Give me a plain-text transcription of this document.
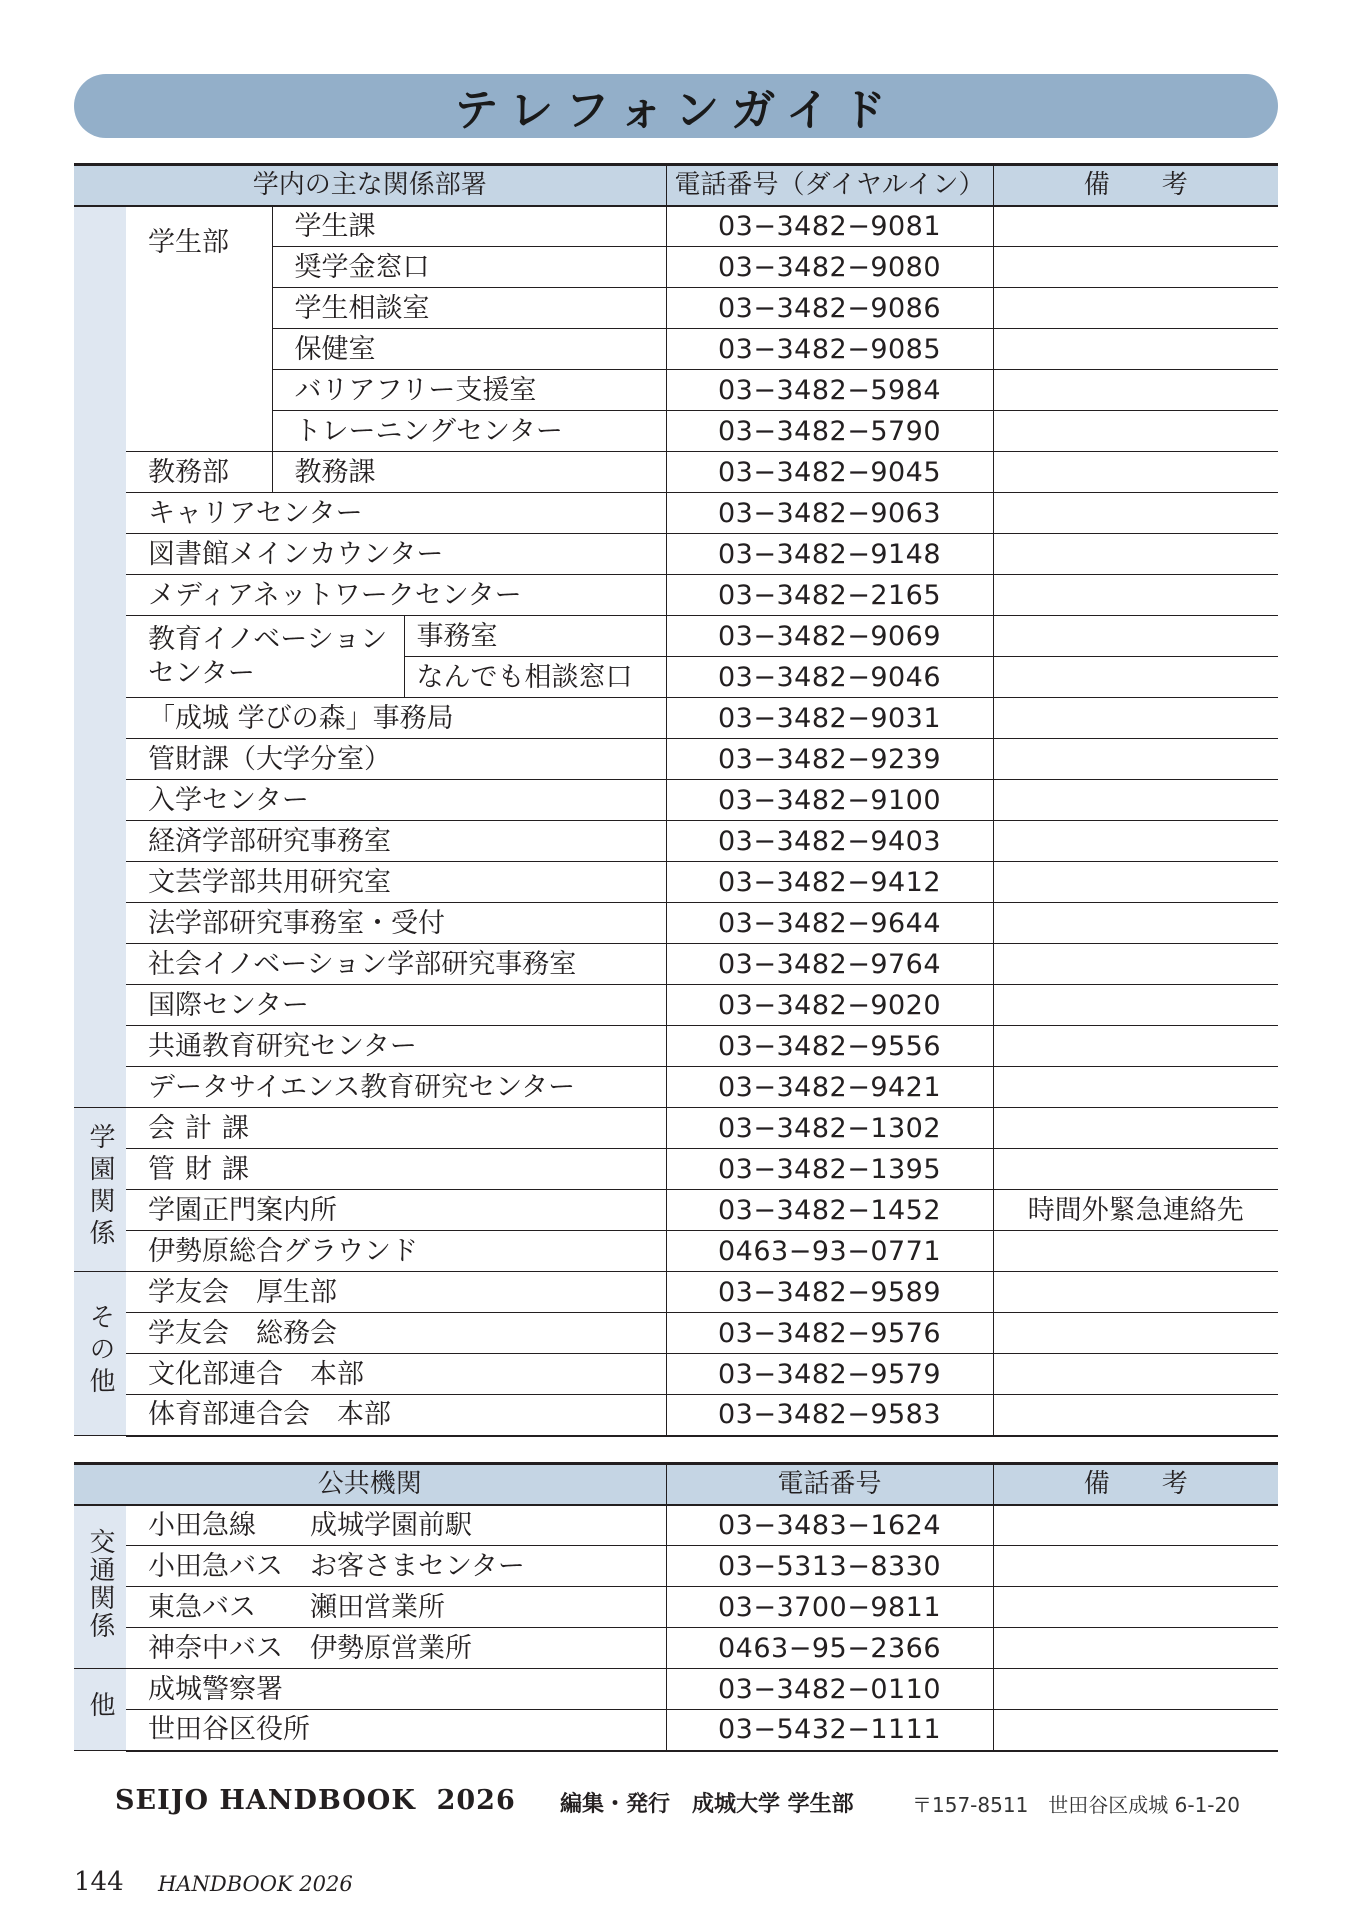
テレフォンガイド
学内の主な関係部署				電話番号（ダイヤルイン）	備　　考
	学生部	学生課		03−3482−9081	
		奨学金窓口		03−3482−9080	
		学生相談室		03−3482−9086	
		保健室		03−3482−9085	
		バリアフリー支援室		03−3482−5984	
		トレーニングセンター		03−3482−5790	
	教務部	教務課		03−3482−9045	
	キャリアセンター			03−3482−9063	
	図書館メインカウンター			03−3482−9148	
	メディアネットワークセンター			03−3482−2165	
	教育イノベーション
センター		事務室	03−3482−9069	
			なんでも相談窓口	03−3482−9046	
	「成城 学びの森」事務局			03−3482−9031	
	管財課（大学分室）			03−3482−9239	
	入学センター			03−3482−9100	
	経済学部研究事務室			03−3482−9403	
	文芸学部共用研究室			03−3482−9412	
	法学部研究事務室・受付			03−3482−9644	
	社会イノベーション学部研究事務室			03−3482−9764	
	国際センター			03−3482−9020	
	共通教育研究センター			03−3482−9556	
	データサイエンス教育研究センター			03−3482−9421	
学園関係	会計課			03−3482−1302	
	管財課			03−3482−1395	
	学園正門案内所			03−3482−1452	時間外緊急連絡先
	伊勢原総合グラウンド			0463−93−0771	
その他	学友会　厚生部			03−3482−9589	
	学友会　総務会			03−3482−9576	
	文化部連合　本部			03−3482−9579	
	体育部連合会　本部			03−3482−9583	
公共機関		電話番号	備　　考
交通関係	小田急線　　成城学園前駅	03−3483−1624	
	小田急バス　お客さまセンター	03−5313−8330	
	東急バス　　瀬田営業所	03−3700−9811	
	神奈中バス　伊勢原営業所	0463−95−2366	
他	成城警察署	03−3482−0110	
	世田谷区役所	03−5432−1111	
SEIJO HANDBOOK  2026 編集・発行　成城大学 学生部	〒157-8511　世田谷区成城 6-1-20
144 HANDBOOK 2026
